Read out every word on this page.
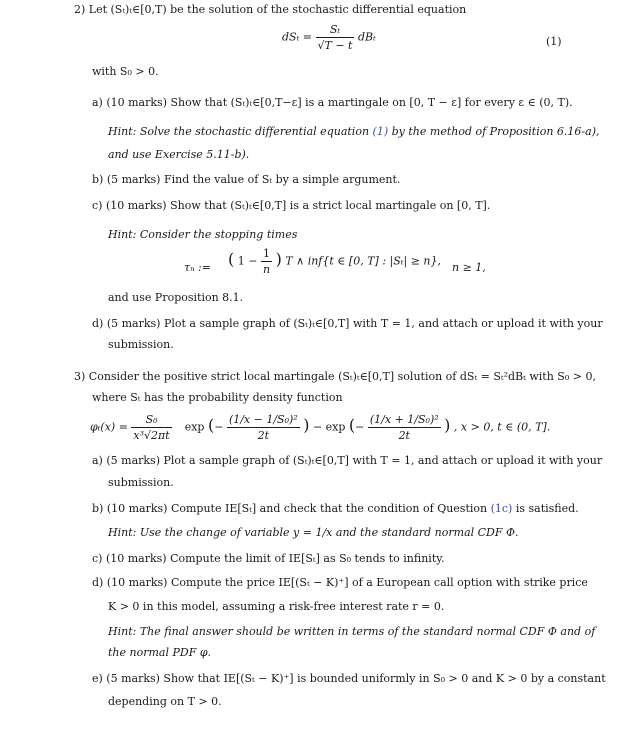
2) Let (Sₜ)ₜ∈[0,T) be the solution of the stochastic differential equation
$dS_t = \frac{\text{Sₜ}}{√T - t}$ dBₜ	(1)
with S₀ > 0.
a) (10 marks) Show that (Sₜ)ₜ∈[0,T−ε] is a martingale on [0, T − ε] for every ε ∈ (0, T).
Hint: Solve the stochastic differential equation (1) by the method of Proposition 6.16-a),
and use Exercise 5.11-b).
b) (5 marks) Find the value of Sₜ by a simple argument.
c) (10 marks) Show that (Sₜ)ₜ∈[0,T] is a strict local martingale on [0, T].
Hint: Consider the stopping times
τₙ := ( $1 - \frac{1}{n}$ ) T ∧ inf{t ∈ [0, T] : |Sₜ| ≥ n}, n ≥ 1,
and use Proposition 8.1.
d) (5 marks) Plot a sample graph of (Sₜ)ₜ∈[0,T] with T = 1, and attach or upload it with your
submission.
3) Consider the positive strict local martingale (Sₜ)ₜ∈[0,T] solution of dSₜ = Sₜ²dBₜ with S₀ > 0,
where Sₜ has the probability density function
$\varphi_t(x) = \frac{\text{S₀}}{\text{x³√2πt}}$ exp (− $\frac{\text{(1/x − 1/S₀)²}}{2t}$ ) − exp (− $\frac{\text{(1/x + 1/S₀)²}}{2t}$ ) , x > 0, t ∈ (0, T].
a) (5 marks) Plot a sample graph of (Sₜ)ₜ∈[0,T] with T = 1, and attach or upload it with your
submission.
b) (10 marks) Compute IE[Sₜ] and check that the condition of Question (1c) is satisfied.
Hint: Use the change of variable y = 1/x and the standard normal CDF Φ.
c) (10 marks) Compute the limit of IE[Sₜ] as S₀ tends to infinity.
d) (10 marks) Compute the price IE[(Sₜ − K)⁺] of a European call option with strike price
K > 0 in this model, assuming a risk-free interest rate r = 0.
Hint: The final answer should be written in terms of the standard normal CDF Φ and of
the normal PDF φ.
e) (5 marks) Show that IE[(Sₜ − K)⁺] is bounded uniformly in S₀ > 0 and K > 0 by a constant
depending on T > 0.
